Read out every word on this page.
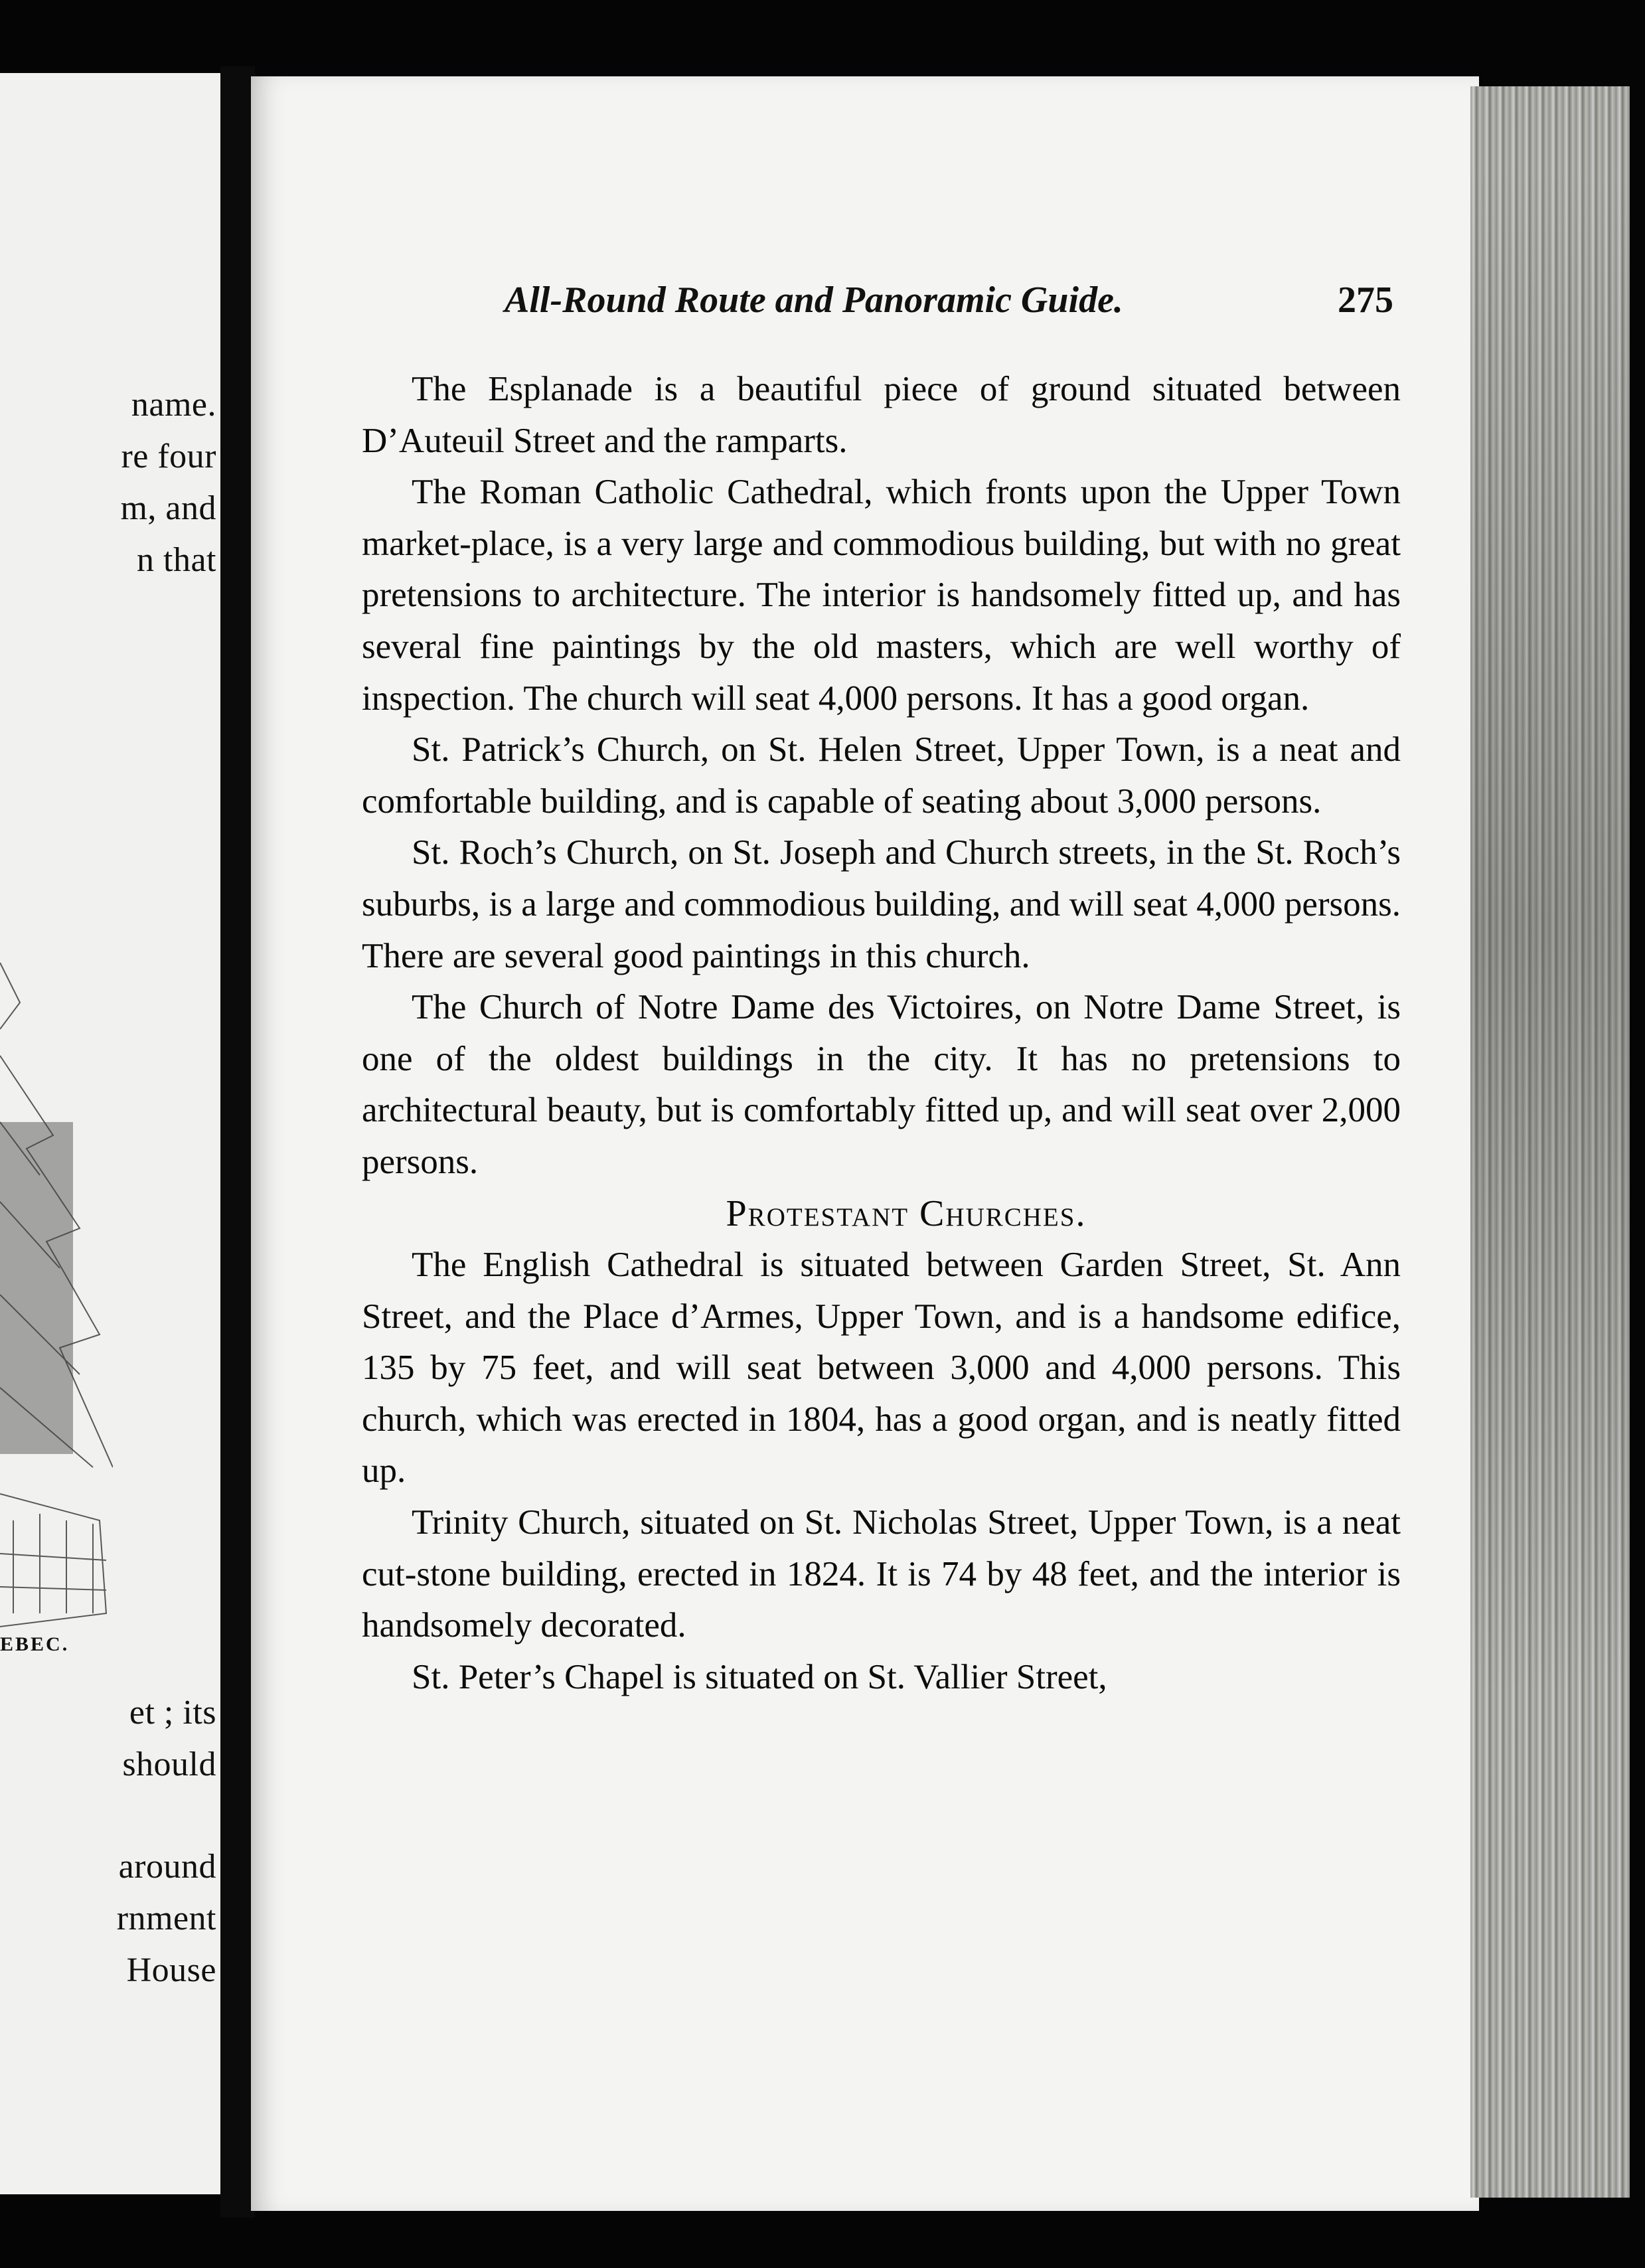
name.
re four
m, and
n that
EBEC.
et ; its
should
around
rnment
House
All-Round Route and Panoramic Guide.	275

The Esplanade is a beautiful piece of ground situated between D’Auteuil Street and the ramparts.

The Roman Catholic Cathedral, which fronts upon the Upper Town market-place, is a very large and commodious building, but with no great pretensions to architecture. The interior is handsomely fitted up, and has several fine paintings by the old masters, which are well worthy of inspection. The church will seat 4,000 persons. It has a good organ.

St. Patrick’s Church, on St. Helen Street, Upper Town, is a neat and comfortable building, and is capable of seating about 3,000 persons.

St. Roch’s Church, on St. Joseph and Church streets, in the St. Roch’s suburbs, is a large and commodious building, and will seat 4,000 persons. There are several good paintings in this church.

The Church of Notre Dame des Victoires, on Notre Dame Street, is one of the oldest buildings in the city. It has no pretensions to architectural beauty, but is comfortably fitted up, and will seat over 2,000 persons.

Protestant Churches.

The English Cathedral is situated between Garden Street, St. Ann Street, and the Place d’Armes, Upper Town, and is a handsome edifice, 135 by 75 feet, and will seat between 3,000 and 4,000 persons. This church, which was erected in 1804, has a good organ, and is neatly fitted up.

Trinity Church, situated on St. Nicholas Street, Upper Town, is a neat cut-stone building, erected in 1824. It is 74 by 48 feet, and the interior is handsomely decorated.

St. Peter’s Chapel is situated on St. Vallier Street,
